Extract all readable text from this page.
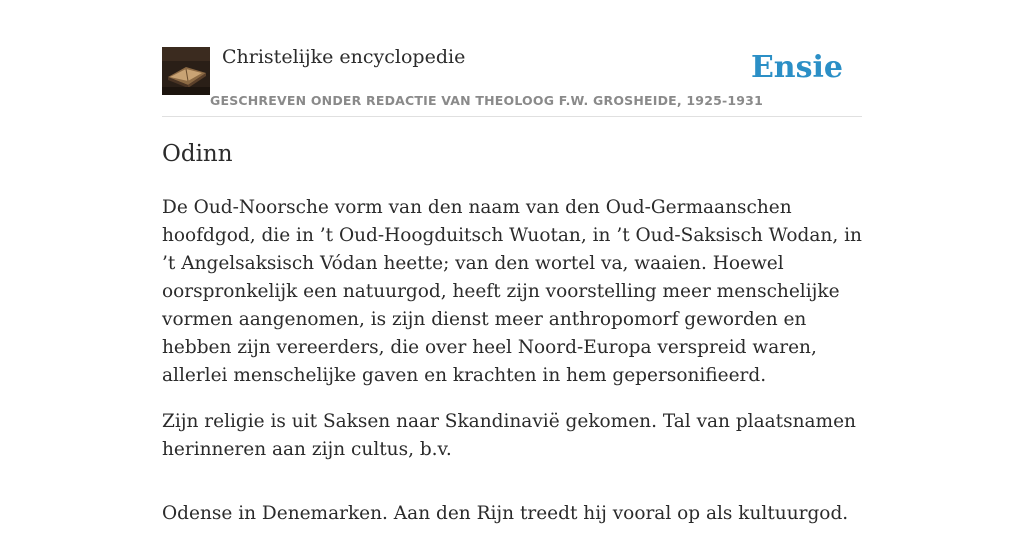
Christelijke encyclopedie
GESCHREVEN ONDER REDACTIE VAN THEOLOOG F.W. GROSHEIDE, 1925-1931
Ensie
Odinn

De Oud-Noorsche vorm van den naam van den Oud-Germaanschen hoofdgod, die in ’t Oud-Hoogduitsch Wuotan, in ’t Oud-Saksisch Wodan, in ’t Angelsaksisch Vódan heette; van den wortel va, waaien. Hoewel oorspronkelijk een natuurgod, heeft zijn voorstelling meer menschelijke vormen aangenomen, is zijn dienst meer anthropomorf geworden en hebben zijn vereerders, die over heel Noord-Europa verspreid waren, allerlei menschelijke gaven en krachten in hem gepersonifieerd.

Zijn religie is uit Saksen naar Skandinavië gekomen. Tal van plaatsnamen herinneren aan zijn cultus, b.v.

Odense in Denemarken. Aan den Rijn treedt hij vooral op als kultuurgod.
